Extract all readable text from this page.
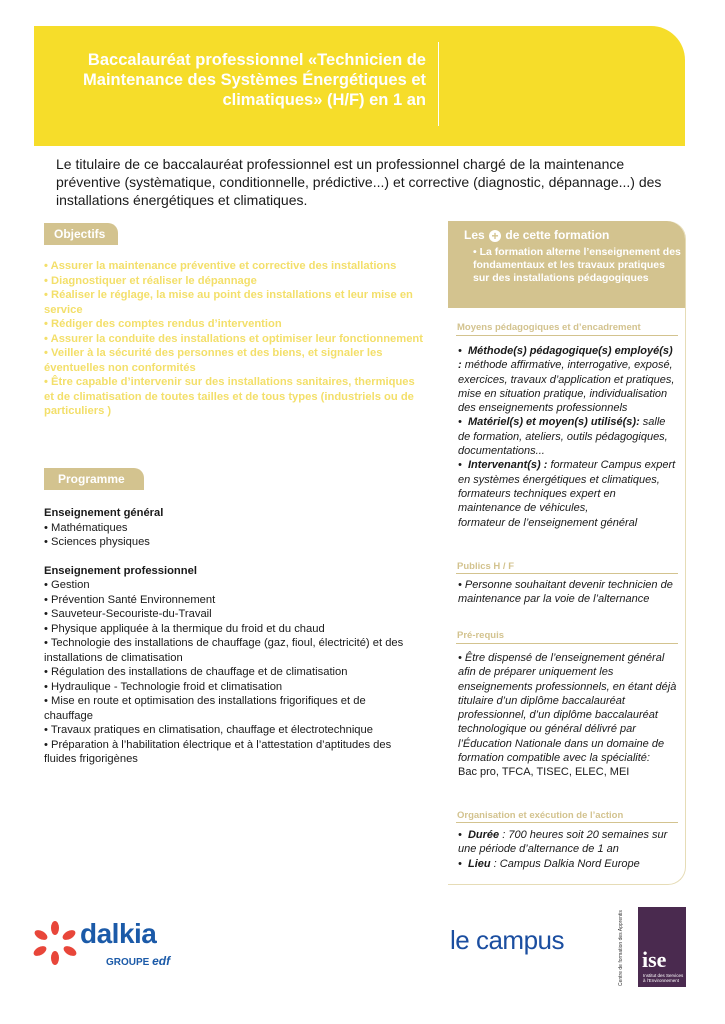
Baccalauréat professionnel «Technicien de Maintenance des Systèmes Énergétiques et climatiques» (H/F) en 1 an
Le titulaire de ce baccalauréat professionnel est un professionnel chargé de la maintenance préventive (systèmatique, conditionnelle, prédictive...) et corrective (diagnostic, dépannage...) des installations énergétiques et climatiques.
Objectifs
• Assurer la maintenance préventive et corrective des installations
• Diagnostiquer et réaliser le dépannage
• Réaliser le réglage, la mise au point des installations et leur mise en service
• Rédiger des comptes rendus d’intervention
• Assurer la conduite des installations et optimiser leur fonctionnement
• Veiller à la sécurité des personnes et des biens, et signaler les éventuelles non conformités
• Être capable d’intervenir sur des installations sanitaires, thermiques et de climatisation de toutes tailles et de tous types (industriels ou de particuliers )
Programme
Enseignement général
• Mathématiques
• Sciences physiques
Enseignement professionnel
• Gestion
• Prévention Santé Environnement
• Sauveteur-Secouriste-du-Travail
• Physique appliquée à la thermique du froid et du chaud
• Technologie des installations de chauffage (gaz, fioul, électricité) et des installations de climatisation
• Régulation des installations de chauffage et de climatisation
• Hydraulique - Technologie froid et climatisation
• Mise en route et optimisation des installations frigorifiques et de chauffage
• Travaux pratiques en climatisation, chauffage et électrotechnique
• Préparation à l’habilitation électrique et à l’attestation d’aptitudes des fluides frigorigènes
Les + de cette formation
• La formation alterne l’enseignement des fondamentaux et les travaux pratiques sur des installations pédagogiques
Moyens pédagogiques et d’encadrement
•  Méthode(s) pédagogique(s) employé(s) : méthode affirmative, interrogative, exposé, exercices, travaux d’application et pratiques, mise en situation pratique, individualisation des enseignements professionnels
•  Matériel(s) et moyen(s) utilisé(s): salle de formation, ateliers, outils pédagogiques, documentations...
•  Intervenant(s) : formateur Campus expert en systèmes énergétiques et climatiques, formateurs techniques expert en maintenance de véhicules,
formateur de l’enseignement général
Publics H / F
• Personne souhaitant devenir technicien de maintenance par la voie de l’alternance
Pré-requis
• Être dispensé de l’enseignement général afin de préparer uniquement les enseignements professionnels, en étant déjà titulaire d’un diplôme baccalauréat professionnel, d’un diplôme baccalauréat technologique ou général délivré par l’Éducation Nationale dans un domaine de formation compatible avec la spécialité:
Bac pro, TFCA, TISEC, ELEC, MEI
Organisation et exécution de l’action
•  Durée : 700 heures soit 20 semaines sur une période d’alternance de 1 an
•  Lieu : Campus Dalkia Nord Europe
dalkia
GROUPE edf
le campus	Centre de formation des Apprentis ise
Institut des Services à l’Environnement
